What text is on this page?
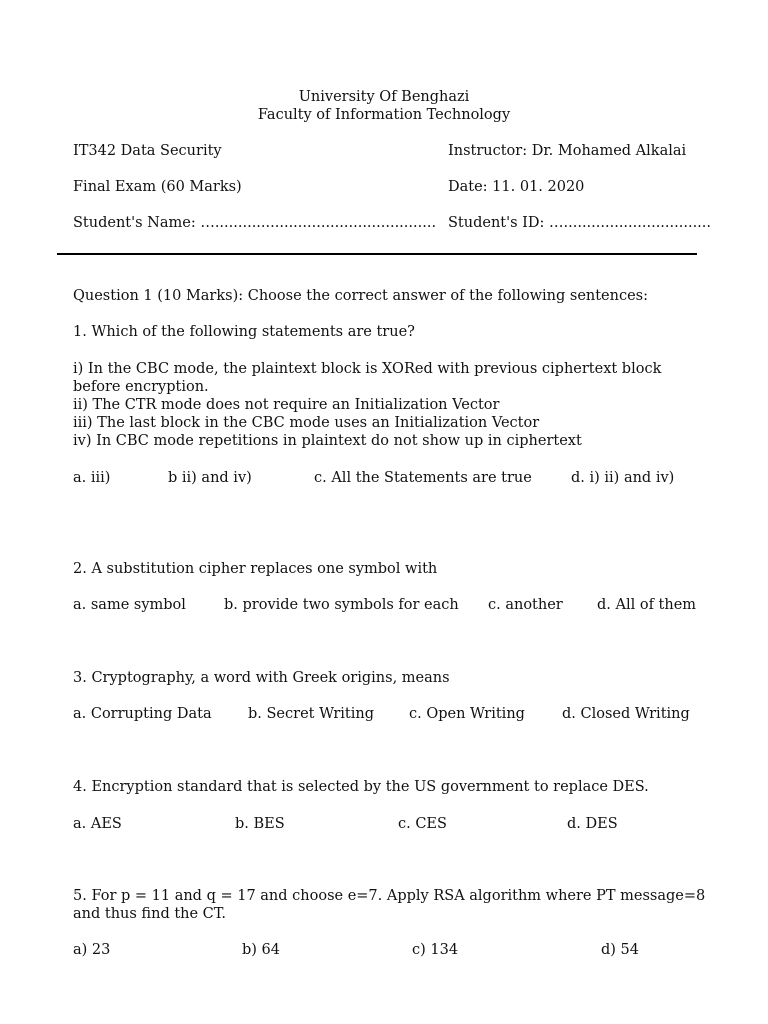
University Of Benghazi
Faculty of Information Technology
IT342 Data Security	Instructor: Dr. Mohamed Alkalai
Final Exam (60 Marks)	Date: 11. 01. 2020
Student's Name: …................................................ Student's ID: …................................
Question 1 (10 Marks): Choose the correct answer of the following sentences:
1. Which of the following statements are true?
i) In the CBC mode, the plaintext block is XORed with previous ciphertext block
before encryption.
ii) The CTR mode does not require an Initialization Vector
iii) The last block in the CBC mode uses an Initialization Vector
iv) In CBC mode repetitions in plaintext do not show up in ciphertext
a. iii)	b ii) and iv)	c. All the Statements are true	d. i) ii) and iv)
2. A substitution cipher replaces one symbol with
a. same symbol	b. provide two symbols for each c. another d. All of them
3. Cryptography, a word with Greek origins, means
a. Corrupting Data	b. Secret Writing c. Open Writing	d. Closed Writing
4. Encryption standard that is selected by the US government to replace DES.
a. AES	b. BES	c. CES	d. DES
5. For p = 11 and q = 17 and choose e=7. Apply RSA algorithm where PT message=8
and thus find the CT.
a) 23	b) 64	c) 134	d) 54
